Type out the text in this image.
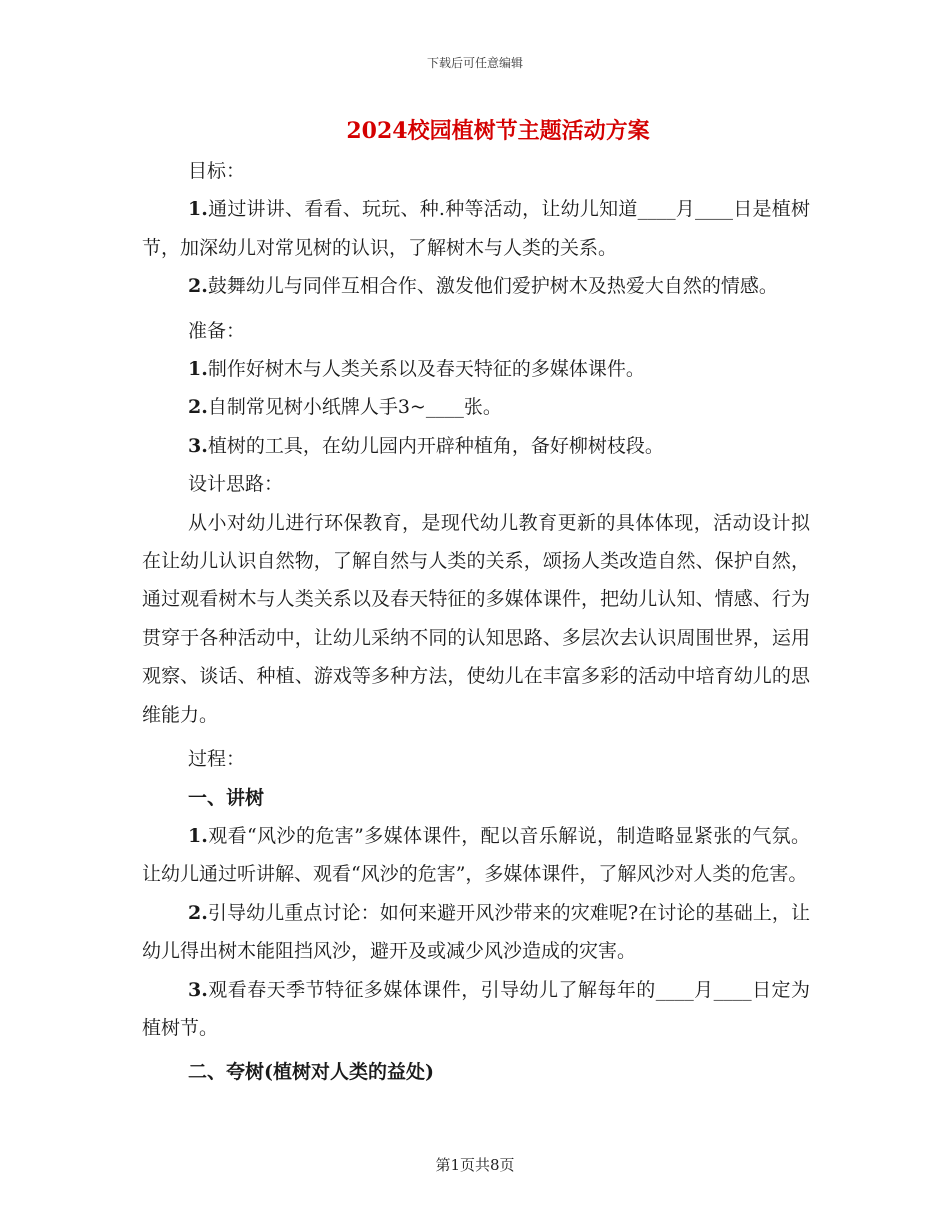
下载后可任意编辑
2024校园植树节主题活动方案

目标：

1.通过讲讲、看看、玩玩、种.种等活动，让幼儿知道____月____日是植树节，加深幼儿对常见树的认识，了解树木与人类的关系。

2.鼓舞幼儿与同伴互相合作、激发他们爱护树木及热爱大自然的情感。

准备：

1.制作好树木与人类关系以及春天特征的多媒体课件。

2.自制常见树小纸牌人手3~____张。

3.植树的工具，在幼儿园内开辟种植角，备好柳树枝段。

设计思路：

从小对幼儿进行环保教育，是现代幼儿教育更新的具体体现，活动设计拟在让幼儿认识自然物，了解自然与人类的关系，颂扬人类改造自然、保护自然，通过观看树木与人类关系以及春天特征的多媒体课件，把幼儿认知、情感、行为贯穿于各种活动中，让幼儿采纳不同的认知思路、多层次去认识周围世界，运用观察、谈话、种植、游戏等多种方法，使幼儿在丰富多彩的活动中培育幼儿的思维能力。

过程：

一、讲树

1.观看“风沙的危害”多媒体课件，配以音乐解说，制造略显紧张的气氛。让幼儿通过听讲解、观看“风沙的危害”，多媒体课件，了解风沙对人类的危害。

2.引导幼儿重点讨论：如何来避开风沙带来的灾难呢?在讨论的基础上，让幼儿得出树木能阻挡风沙，避开及或减少风沙造成的灾害。

3.观看春天季节特征多媒体课件，引导幼儿了解每年的____月____日定为植树节。

二、夸树(植树对人类的益处)

第1页共8页
